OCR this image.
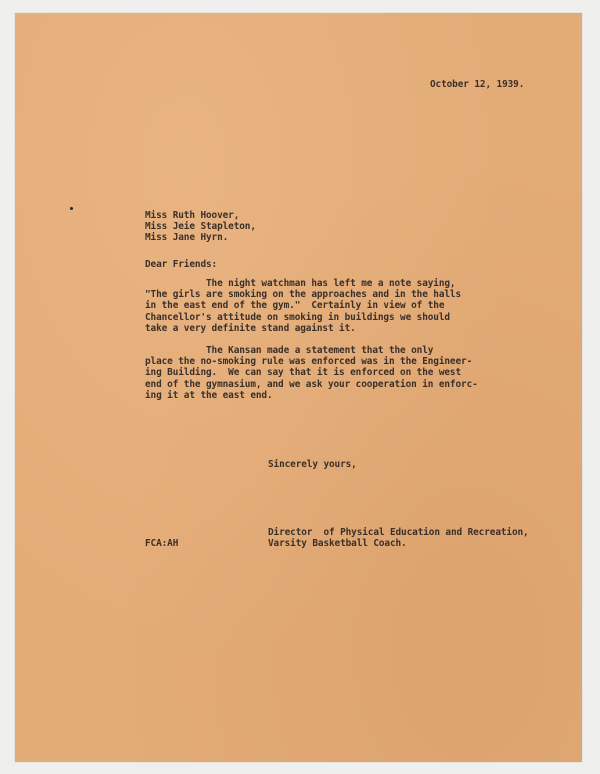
October 12, 1939.
Miss Ruth Hoover,
Miss Jeie Stapleton,
Miss Jane Hyrn.
Dear Friends:
The night watchman has left me a note saying,
"The girls are smoking on the approaches and in the halls
in the east end of the gym."  Certainly in view of the
Chancellor's attitude on smoking in buildings we should
take a very definite stand against it.
The Kansan made a statement that the only
place the no-smoking rule was enforced was in the Engineer-
ing Building.  We can say that it is enforced on the west
end of the gymnasium, and we ask your cooperation in enforc-
ing it at the east end.
Sincerely yours,
FCA:AH
Director  of Physical Education and Recreation,
Varsity Basketball Coach.
